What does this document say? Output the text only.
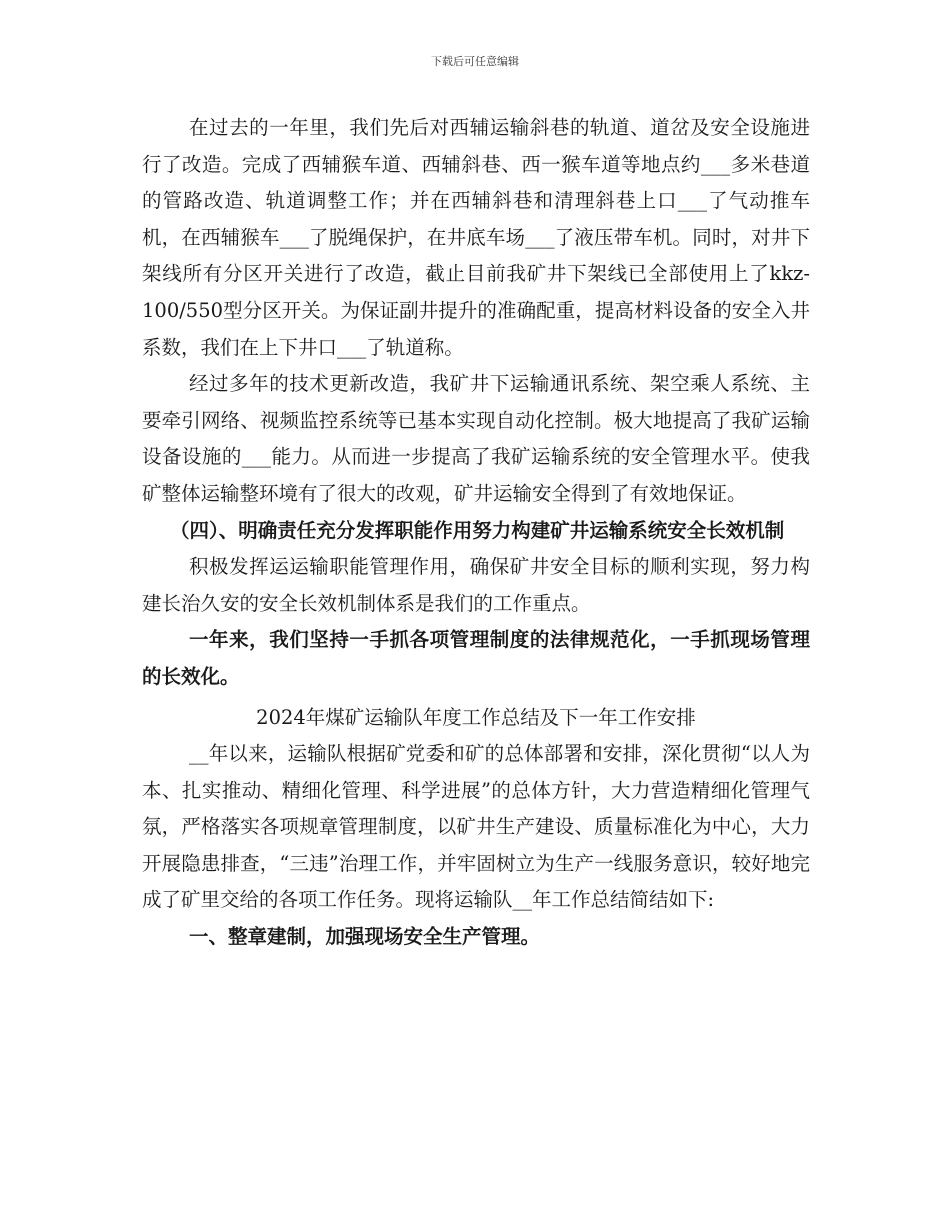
下载后可任意编辑

在过去的一年里，我们先后对西辅运输斜巷的轨道、道岔及安全设施进行了改造。完成了西辅猴车道、西辅斜巷、西一猴车道等地点约___多米巷道的管路改造、轨道调整工作；并在西辅斜巷和清理斜巷上口___了气动推车机，在西辅猴车___了脱绳保护，在井底车场___了液压带车机。同时，对井下架线所有分区开关进行了改造，截止目前我矿井下架线已全部使用上了kkz-100/550型分区开关。为保证副井提升的准确配重，提高材料设备的安全入井系数，我们在上下井口___了轨道称。

经过多年的技术更新改造，我矿井下运输通讯系统、架空乘人系统、主要牵引网络、视频监控系统等已基本实现自动化控制。极大地提高了我矿运输设备设施的___能力。从而进一步提高了我矿运输系统的安全管理水平。使我矿整体运输整环境有了很大的改观，矿井运输安全得到了有效地保证。

（四）、明确责任充分发挥职能作用努力构建矿井运输系统安全长效机制

积极发挥运运输职能管理作用，确保矿井安全目标的顺利实现，努力构建长治久安的安全长效机制体系是我们的工作重点。

一年来，我们坚持一手抓各项管理制度的法律规范化，一手抓现场管理的长效化。

2024年煤矿运输队年度工作总结及下一年工作安排

__年以来，运输队根据矿党委和矿的总体部署和安排，深化贯彻“以人为本、扎实推动、精细化管理、科学进展”的总体方针，大力营造精细化管理气氛，严格落实各项规章管理制度，以矿井生产建设、质量标准化为中心，大力开展隐患排查，“三违”治理工作，并牢固树立为生产一线服务意识，较好地完成了矿里交给的各项工作任务。现将运输队__年工作总结简结如下:

一、整章建制，加强现场安全生产管理。
